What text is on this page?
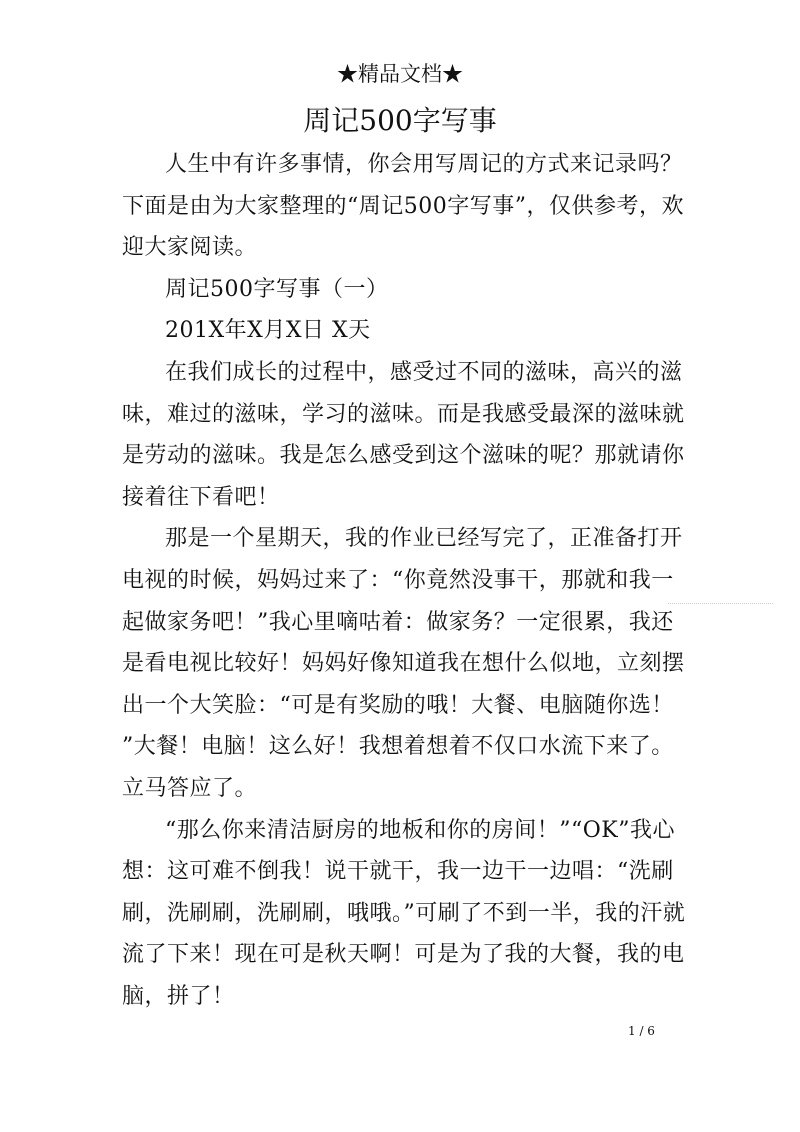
★精品文档★
周记500字写事
人生中有许多事情，你会用写周记的方式来记录吗？
下面是由为大家整理的“周记500字写事”，仅供参考，欢
迎大家阅读。
周记500字写事（一）
201X年X月X日 X天
在我们成长的过程中，感受过不同的滋味，高兴的滋
味，难过的滋味，学习的滋味。而是我感受最深的滋味就
是劳动的滋味。我是怎么感受到这个滋味的呢？那就请你
接着往下看吧！
那是一个星期天，我的作业已经写完了，正准备打开
电视的时候，妈妈过来了：“你竟然没事干，那就和我一
起做家务吧！”我心里嘀咕着：做家务？一定很累，我还
是看电视比较好！妈妈好像知道我在想什么似地，立刻摆
出一个大笑脸：“可是有奖励的哦！大餐、电脑随你选！
”大餐！电脑！这么好！我想着想着不仅口水流下来了。
立马答应了。
“那么你来清洁厨房的地板和你的房间！”“OK”我心
想：这可难不倒我！说干就干，我一边干一边唱：“洗刷
刷，洗刷刷，洗刷刷，哦哦。”可刷了不到一半，我的汗就
流了下来！现在可是秋天啊！可是为了我的大餐，我的电
脑，拼了！
1 / 6
